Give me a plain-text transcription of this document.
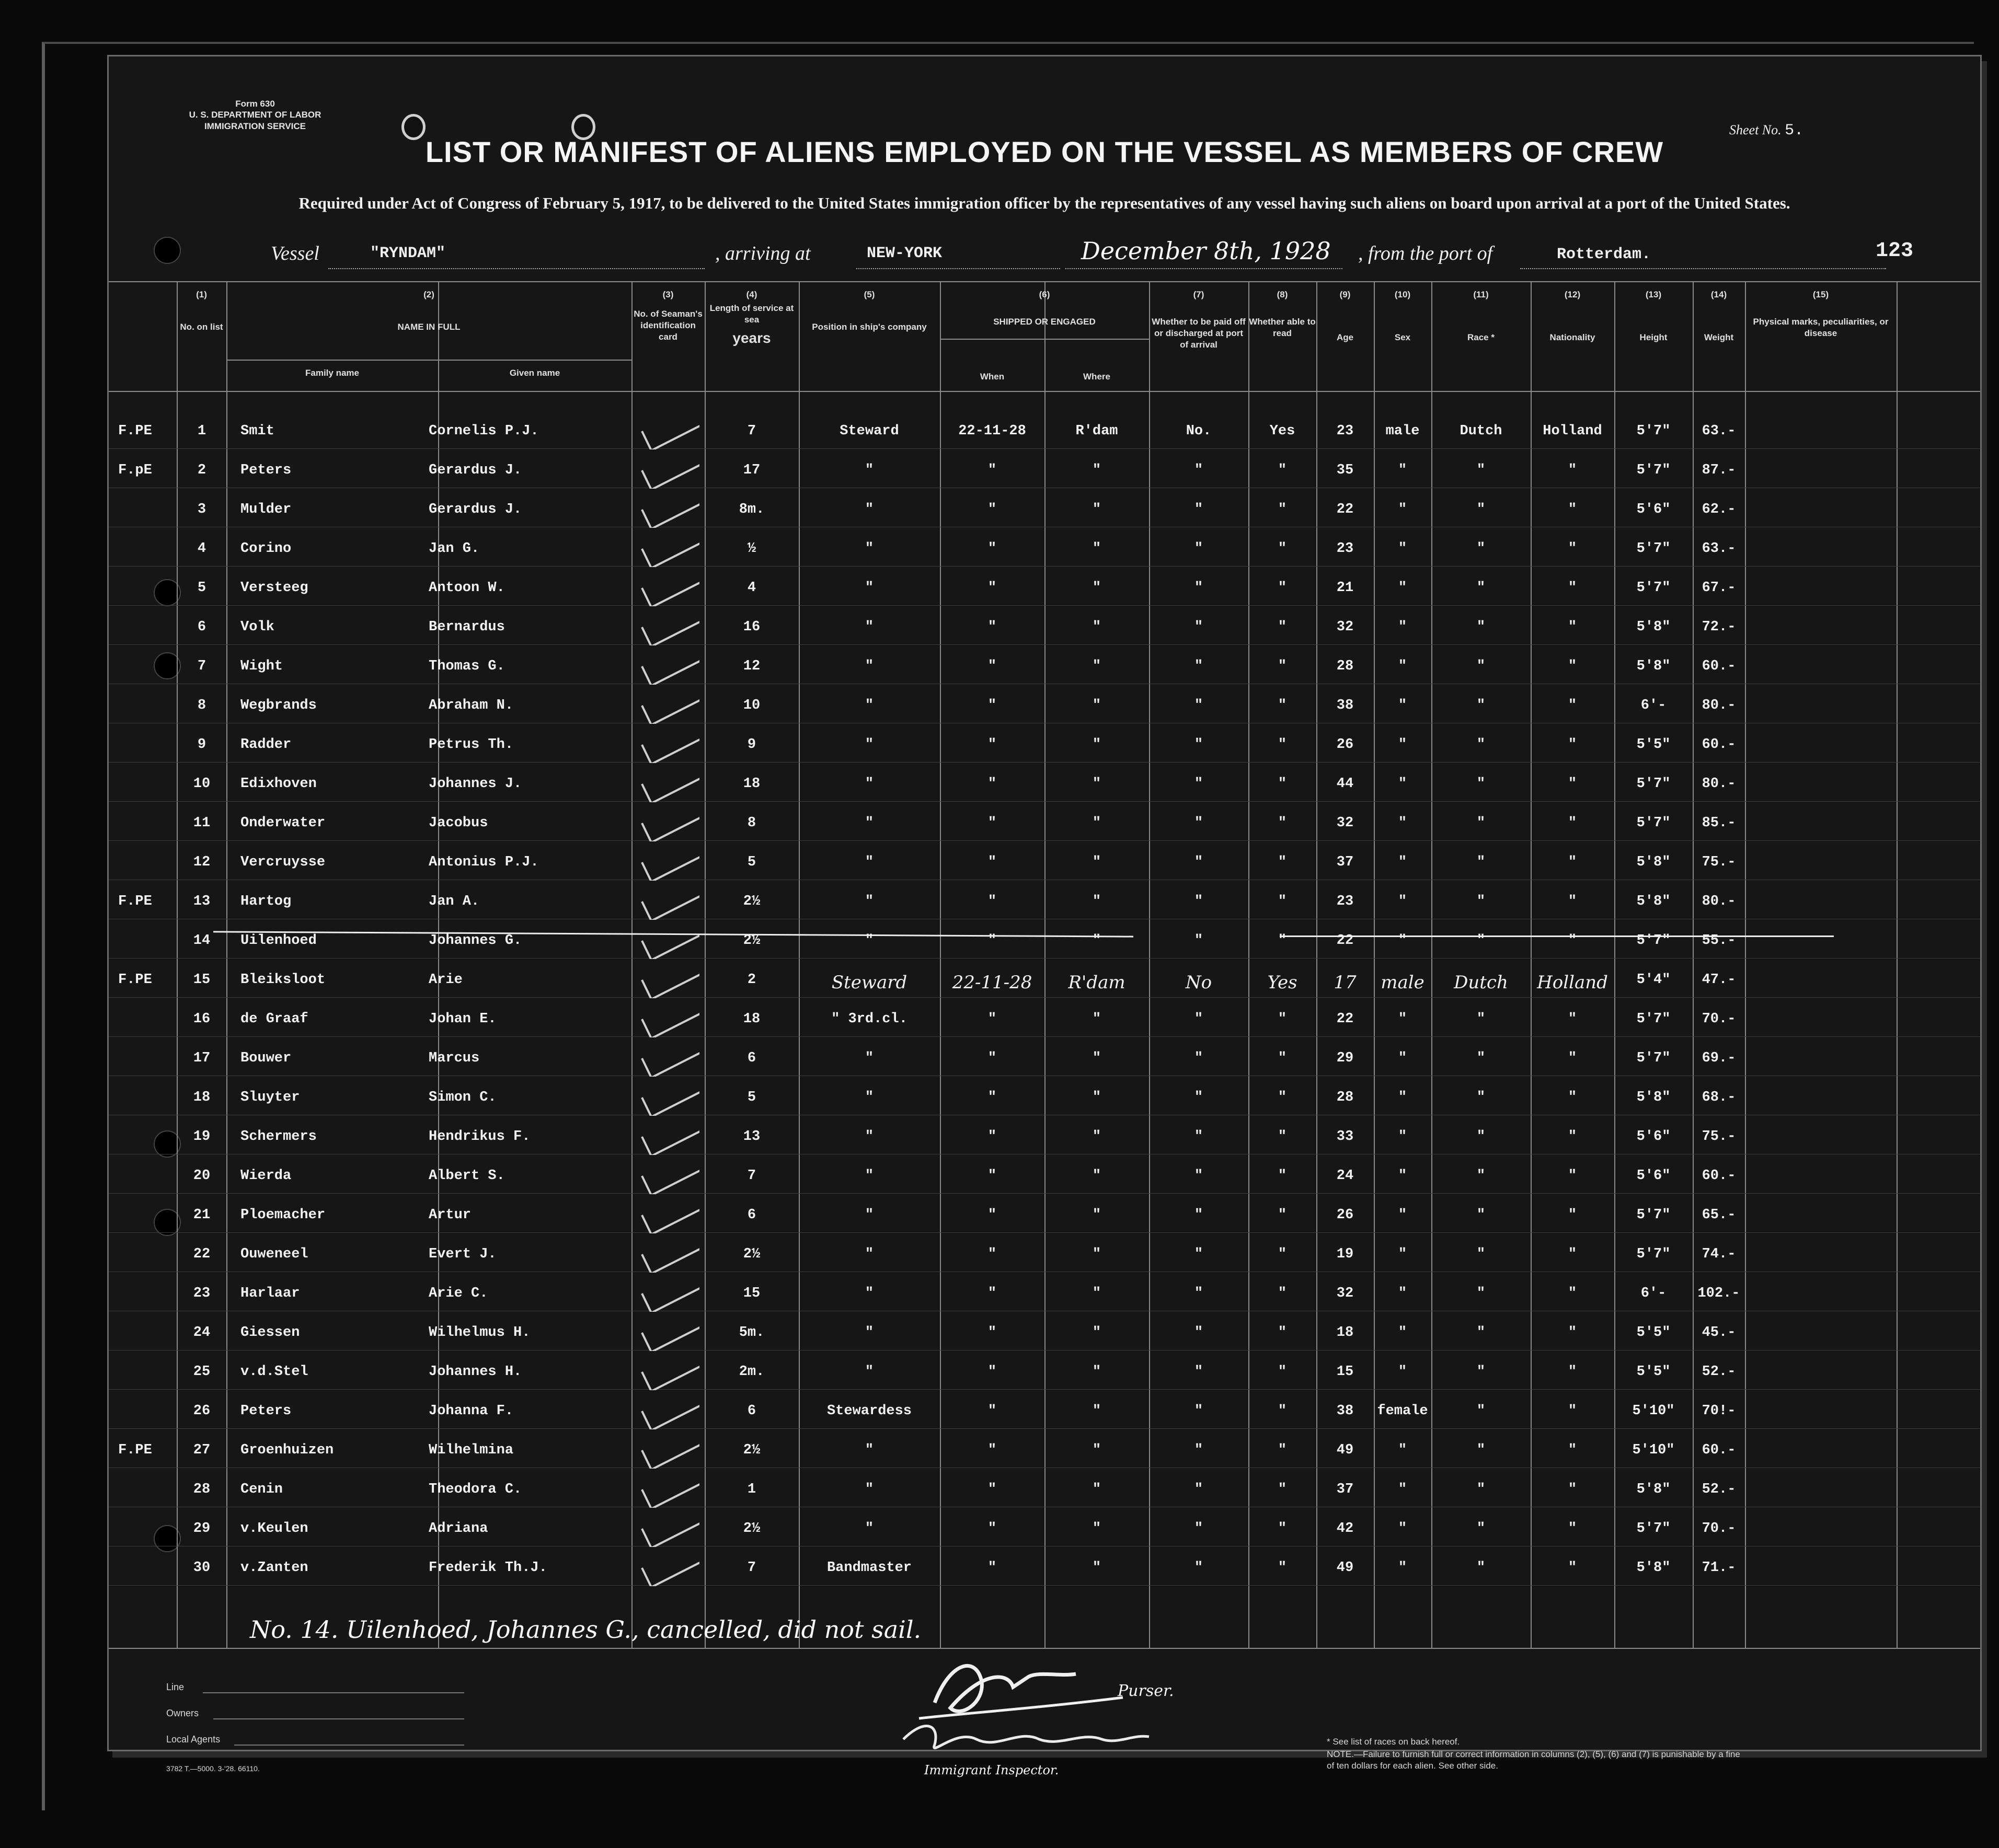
Form 630
U. S. DEPARTMENT OF LABOR
IMMIGRATION SERVICE	Sheet No. 5.
LIST OR MANIFEST OF ALIENS EMPLOYED ON THE VESSEL AS MEMBERS OF CREW
Required under Act of Congress of February 5, 1917, to be delivered to the United States immigration officer by the representatives of any vessel having such aliens on board upon arrival at a port of the United States.
Vessel	"RYNDAM"	, arriving at	NEW-YORK	December 8th, 1928 , from the port of	Rotterdam.	123
(1)
No. on list
(2)
NAME IN FULL
Family name	Given name
(3)
No. of Seaman's identification card
(4)
Length of service at sea
years
(5)
Position in ship's company
(6)
SHIPPED OR ENGAGED
When	Where
(7)
Whether to be paid off or discharged at port of arrival
(8)
Whether able to read
(9)
Age
(10)
Sex
(11)
Race *
(12)
Nationality
(13)
Height
(14)
Weight
(15)
Physical marks, peculiarities, or disease
F.PE	1	Smit	Cornelis P.J.	7	Steward	22-11-28	R'dam	No.	Yes	23	male	Dutch	Holland	5'7"	63.-
F.pE	2	Peters	Gerardus J.	17	"	"	"	"	"	35	"	"	"	5'7"	87.-
3	Mulder	Gerardus J.	8m.	"	"	"	"	"	22	"	"	"	5'6"	62.-
4	Corino	Jan G.	½	"	"	"	"	"	23	"	"	"	5'7"	63.-
5	Versteeg	Antoon W.	4	"	"	"	"	"	21	"	"	"	5'7"	67.-
6	Volk	Bernardus	16	"	"	"	"	"	32	"	"	"	5'8"	72.-
7	Wight	Thomas G.	12	"	"	"	"	"	28	"	"	"	5'8"	60.-
8	Wegbrands	Abraham N.	10	"	"	"	"	"	38	"	"	"	6'-	80.-
9	Radder	Petrus Th.	9	"	"	"	"	"	26	"	"	"	5'5"	60.-
10	Edixhoven	Johannes J.	18	"	"	"	"	"	44	"	"	"	5'7"	80.-
11	Onderwater	Jacobus	8	"	"	"	"	"	32	"	"	"	5'7"	85.-
12	Vercruysse	Antonius P.J.	5	"	"	"	"	"	37	"	"	"	5'8"	75.-
F.PE	13	Hartog	Jan A.	2½	"	"	"	"	"	23	"	"	"	5'8"	80.-
14	Uilenhoed	Johannes G.	2½	"	"	"	"	"	22	"	"	"	5'7"	55.-
F.PE	15	Bleiksloot	Arie	2	Steward	22-11-28	R'dam	No	Yes	17	male	Dutch	Holland	5'4"	47.-
16	de Graaf	Johan E.	18	" 3rd.cl.	"	"	"	"	22	"	"	"	5'7"	70.-
17	Bouwer	Marcus	6	"	"	"	"	"	29	"	"	"	5'7"	69.-
18	Sluyter	Simon C.	5	"	"	"	"	"	28	"	"	"	5'8"	68.-
19	Schermers	Hendrikus F.	13	"	"	"	"	"	33	"	"	"	5'6"	75.-
20	Wierda	Albert S.	7	"	"	"	"	"	24	"	"	"	5'6"	60.-
21	Ploemacher	Artur	6	"	"	"	"	"	26	"	"	"	5'7"	65.-
22	Ouweneel	Evert J.	2½	"	"	"	"	"	19	"	"	"	5'7"	74.-
23	Harlaar	Arie C.	15	"	"	"	"	"	32	"	"	"	6'-	102.-
24	Giessen	Wilhelmus H.	5m.	"	"	"	"	"	18	"	"	"	5'5"	45.-
25	v.d.Stel	Johannes H.	2m.	"	"	"	"	"	15	"	"	"	5'5"	52.-
26	Peters	Johanna F.	6	Stewardess	"	"	"	"	38	female	"	"	5'10"	70!-
F.PE	27	Groenhuizen	Wilhelmina	2½	"	"	"	"	"	49	"	"	"	5'10"	60.-
28	Cenin	Theodora C.	1	"	"	"	"	"	37	"	"	"	5'8"	52.-
29	v.Keulen	Adriana	2½	"	"	"	"	"	42	"	"	"	5'7"	70.-
30	v.Zanten	Frederik Th.J.	7	Bandmaster	"	"	"	"	49	"	"	"	5'8"	71.-
No. 14. Uilenhoed, Johannes G., cancelled, did not sail.
Line
Owners
Local Agents
3782 T.—5000. 3-'28. 66110.
Purser.
Immigrant Inspector.
* See list of races on back hereof.
NOTE.—Failure to furnish full or correct information in columns (2), (5), (6) and (7) is punishable by a fine of ten dollars for each alien. See other side.
